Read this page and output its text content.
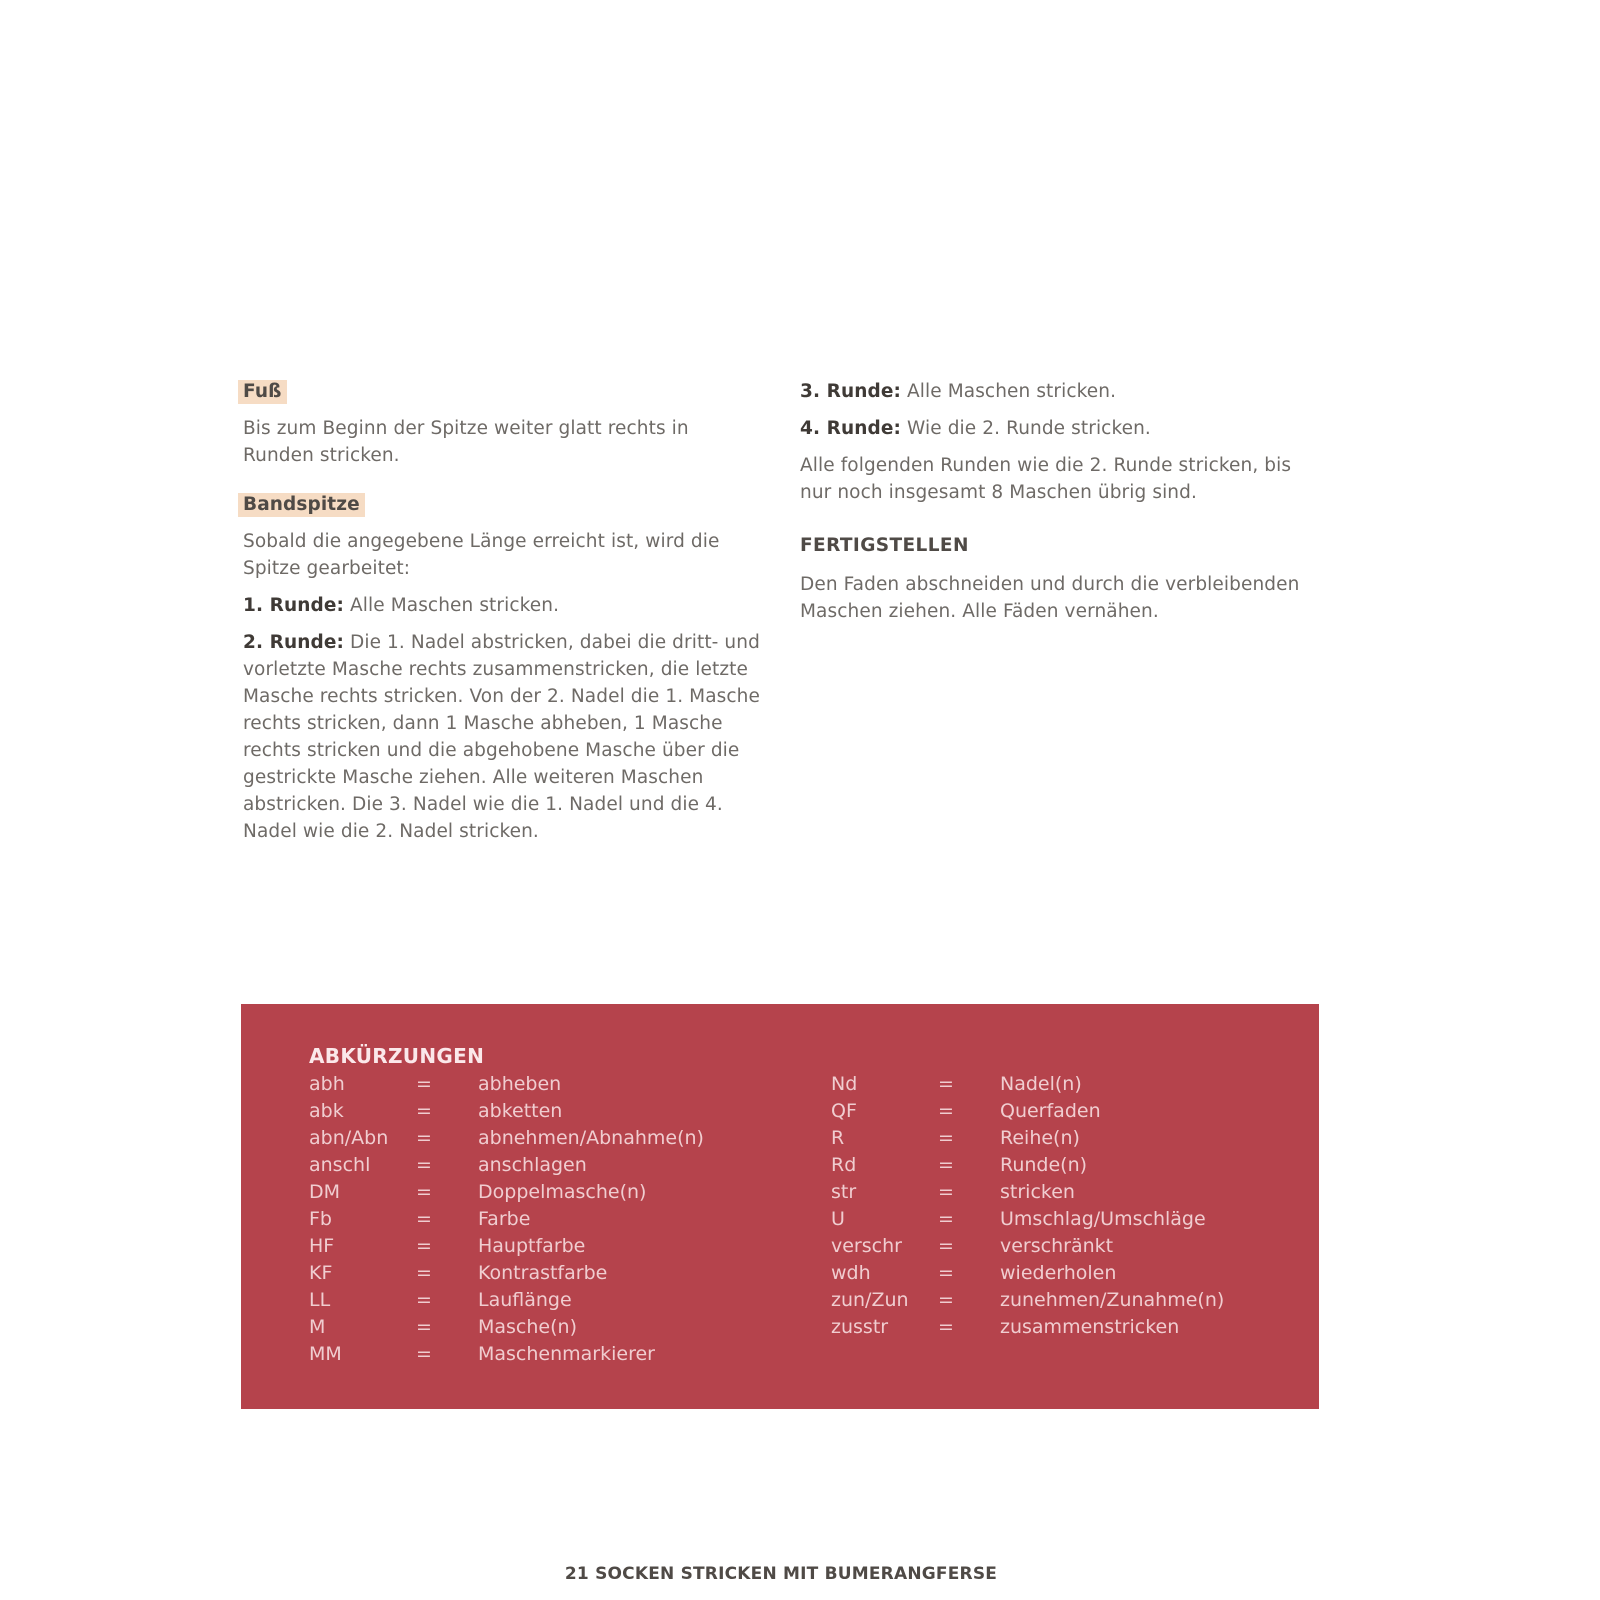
Fuß

Bis zum Beginn der Spitze weiter glatt rechts in Runden stricken.

Bandspitze

Sobald die angegebene Länge erreicht ist, wird die Spitze gearbeitet:

1. Runde: Alle Maschen stricken.

2. Runde: Die 1. Nadel abstricken, dabei die dritt- und vorletzte Masche rechts zusammenstricken, die letzte Masche rechts stricken. Von der 2. Nadel die 1. Masche rechts stricken, dann 1 Masche abheben, 1 Masche rechts stricken und die abgehobene Masche über die gestrickte Masche ziehen. Alle weiteren Maschen abstricken. Die 3. Nadel wie die 1. Nadel und die 4. Nadel wie die 2. Nadel stricken.

3. Runde: Alle Maschen stricken.

4. Runde: Wie die 2. Runde stricken.

Alle folgenden Runden wie die 2. Runde stricken, bis nur noch insgesamt 8 Maschen übrig sind.

FERTIGSTELLEN

Den Faden abschneiden und durch die verbleibenden Maschen ziehen. Alle Fäden vernähen.

ABKÜRZUNGEN
abh	= abheben
abk	= abketten
abn/Abn = abnehmen/Abnahme(n)
anschl = anschlagen
DM	= Doppelmasche(n)
Fb	= Farbe
HF	= Hauptfarbe
KF	= Kontrastfarbe
LL	= Lauflänge
M	= Masche(n)
MM	= Maschenmarkierer
Nd	= Nadel(n)
QF	= Querfaden
R	= Reihe(n)
Rd	= Runde(n)
str	= stricken
U	= Umschlag/Umschläge
verschr = verschränkt
wdh	= wiederholen
zun/Zun = zunehmen/Zunahme(n)
zusstr	= zusammenstricken
21 SOCKEN STRICKEN MIT BUMERANGFERSE
